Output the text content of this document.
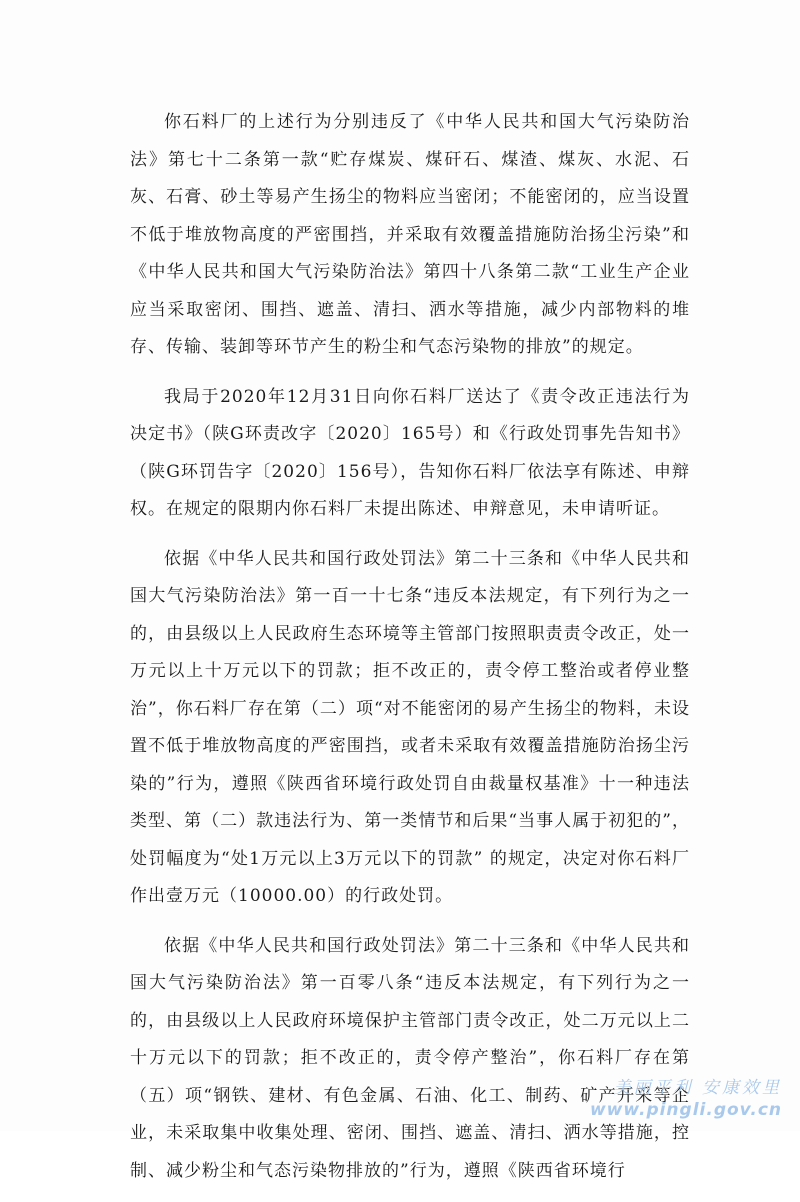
你石料厂的上述行为分别违反了《中华人民共和国大气污染防治法》第七十二条第一款“贮存煤炭、煤矸石、煤渣、煤灰、水泥、石灰、石膏、砂土等易产生扬尘的物料应当密闭；不能密闭的，应当设置不低于堆放物高度的严密围挡，并采取有效覆盖措施防治扬尘污染”和《中华人民共和国大气污染防治法》第四十八条第二款“工业生产企业应当采取密闭、围挡、遮盖、清扫、洒水等措施，减少内部物料的堆存、传输、装卸等环节产生的粉尘和气态污染物的排放”的规定。

我局于2020年12月31日向你石料厂送达了《责令改正违法行为决定书》（陕G环责改字〔2020〕165号）和《行政处罚事先告知书》（陕G环罚告字〔2020〕156号），告知你石料厂依法享有陈述、申辩权。在规定的限期内你石料厂未提出陈述、申辩意见，未申请听证。

依据《中华人民共和国行政处罚法》第二十三条和《中华人民共和国大气污染防治法》第一百一十七条“违反本法规定，有下列行为之一的，由县级以上人民政府生态环境等主管部门按照职责责令改正，处一万元以上十万元以下的罚款；拒不改正的，责令停工整治或者停业整治”，你石料厂存在第（二）项“对不能密闭的易产生扬尘的物料，未设置不低于堆放物高度的严密围挡，或者未采取有效覆盖措施防治扬尘污染的”行为，遵照《陕西省环境行政处罚自由裁量权基准》十一种违法类型、第（二）款违法行为、第一类情节和后果“当事人属于初犯的”，处罚幅度为“处1万元以上3万元以下的罚款” 的规定，决定对你石料厂作出壹万元（10000.00）的行政处罚。

依据《中华人民共和国行政处罚法》第二十三条和《中华人民共和国大气污染防治法》第一百零八条“违反本法规定，有下列行为之一的，由县级以上人民政府环境保护主管部门责令改正，处二万元以上二十万元以下的罚款；拒不改正的，责令停产整治”，你石料厂存在第（五）项“钢铁、建材、有色金属、石油、化工、制药、矿产开采等企业，未采取集中收集处理、密闭、围挡、遮盖、清扫、洒水等措施，控制、减少粉尘和气态污染物排放的”行为，遵照《陕西省环境行

美丽平利 安康效里
www.pingli.gov.cn
